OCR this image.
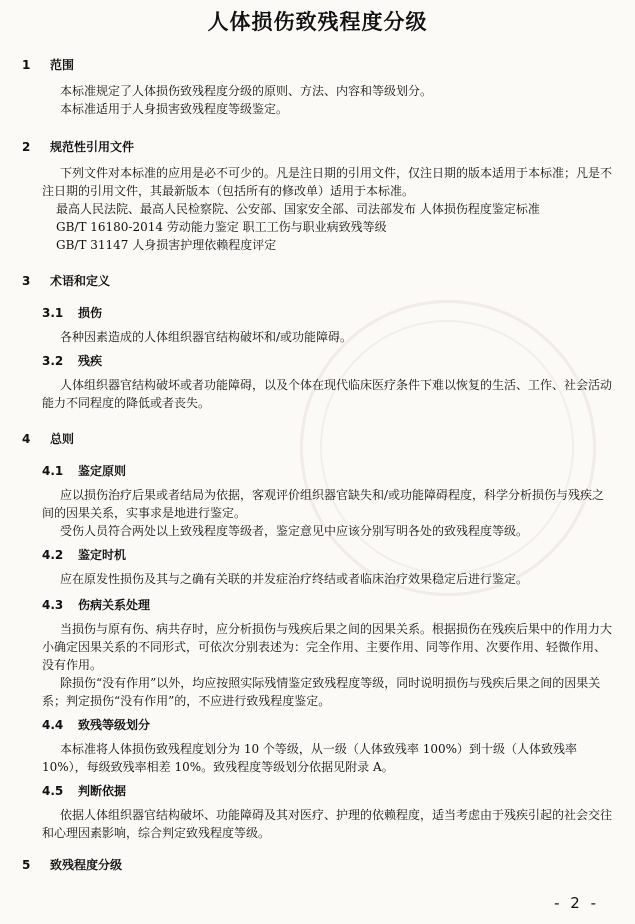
人体损伤致残程度分级
1 范围

本标准规定了人体损伤致残程度分级的原则、方法、内容和等级划分。

本标准适用于人身损害致残程度等级鉴定。

2 规范性引用文件

下列文件对本标准的应用是必不可少的。凡是注日期的引用文件，仅注日期的版本适用于本标准；凡是不注日期的引用文件，其最新版本（包括所有的修改单）适用于本标准。

最高人民法院、最高人民检察院、公安部、国家安全部、司法部发布 人体损伤程度鉴定标准

GB/T 16180-2014 劳动能力鉴定 职工工伤与职业病致残等级

GB/T 31147 人身损害护理依赖程度评定

3 术语和定义
3.1 损伤

各种因素造成的人体组织器官结构破坏和/或功能障碍。

3.2 残疾

人体组织器官结构破坏或者功能障碍，以及个体在现代临床医疗条件下难以恢复的生活、工作、社会活动能力不同程度的降低或者丧失。

4 总则
4.1 鉴定原则

应以损伤治疗后果或者结局为依据，客观评价组织器官缺失和/或功能障碍程度，科学分析损伤与残疾之间的因果关系，实事求是地进行鉴定。

受伤人员符合两处以上致残程度等级者，鉴定意见中应该分别写明各处的致残程度等级。

4.2 鉴定时机

应在原发性损伤及其与之确有关联的并发症治疗终结或者临床治疗效果稳定后进行鉴定。

4.3 伤病关系处理

当损伤与原有伤、病共存时，应分析损伤与残疾后果之间的因果关系。根据损伤在残疾后果中的作用力大小确定因果关系的不同形式，可依次分别表述为：完全作用、主要作用、同等作用、次要作用、轻微作用、没有作用。

除损伤“没有作用”以外，均应按照实际残情鉴定致残程度等级，同时说明损伤与残疾后果之间的因果关系；判定损伤“没有作用”的，不应进行致残程度鉴定。

4.4 致残等级划分

本标准将人体损伤致残程度划分为 10 个等级，从一级（人体致残率 100%）到十级（人体致残率 10%），每级致残率相差 10%。致残程度等级划分依据见附录 A。

4.5 判断依据

依据人体组织器官结构破坏、功能障碍及其对医疗、护理的依赖程度，适当考虑由于残疾引起的社会交往和心理因素影响，综合判定致残程度等级。

5 致残程度分级
- 2 -
